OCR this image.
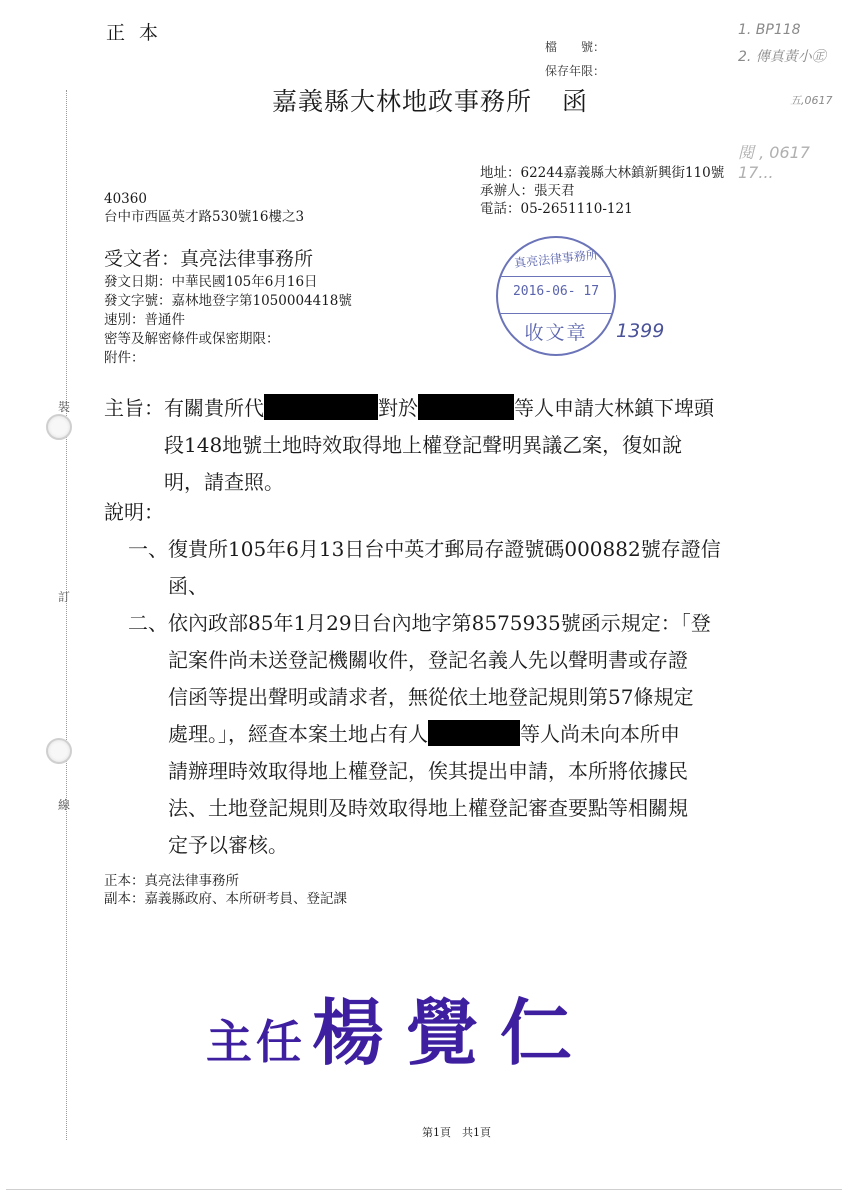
裝
訂
線
正本
檔　　號：
保存年限：
嘉義縣大林地政事務所 函
1. BP118
2. 傳真黃小㊣
五,0617
閱 , 0617 17...
地址：62244嘉義縣大林鎮新興街110號
承辦人：張天君
電話：05-2651110-121
40360
台中市西區英才路530號16樓之3
受文者：真亮法律事務所
發文日期：中華民國105年6月16日
發文字號：嘉林地登字第1050004418號
速別：普通件
密等及解密條件或保密期限：
附件：
真亮法律事務所
2016-06- 17
收文章	1399
主旨： 有關貴所代	對於	等人申請大林鎮下埤頭
段148地號土地時效取得地上權登記聲明異議乙案，復如說
明，請查照。
說明：
一、 復貴所105年6月13日台中英才郵局存證號碼000882號存證信
函、
二、 依內政部85年1月29日台內地字第8575935號函示規定：「登
記案件尚未送登記機關收件，登記名義人先以聲明書或存證
信函等提出聲明或請求者，無從依土地登記規則第57條規定
處理。」，經查本案土地占有人	等人尚未向本所申
請辦理時效取得地上權登記，俟其提出申請，本所將依據民
法、土地登記規則及時效取得地上權登記審查要點等相關規
定予以審核。
正本：真亮法律事務所
副本：嘉義縣政府、本所研考員、登記課
主任楊覺仁
第1頁　共1頁
